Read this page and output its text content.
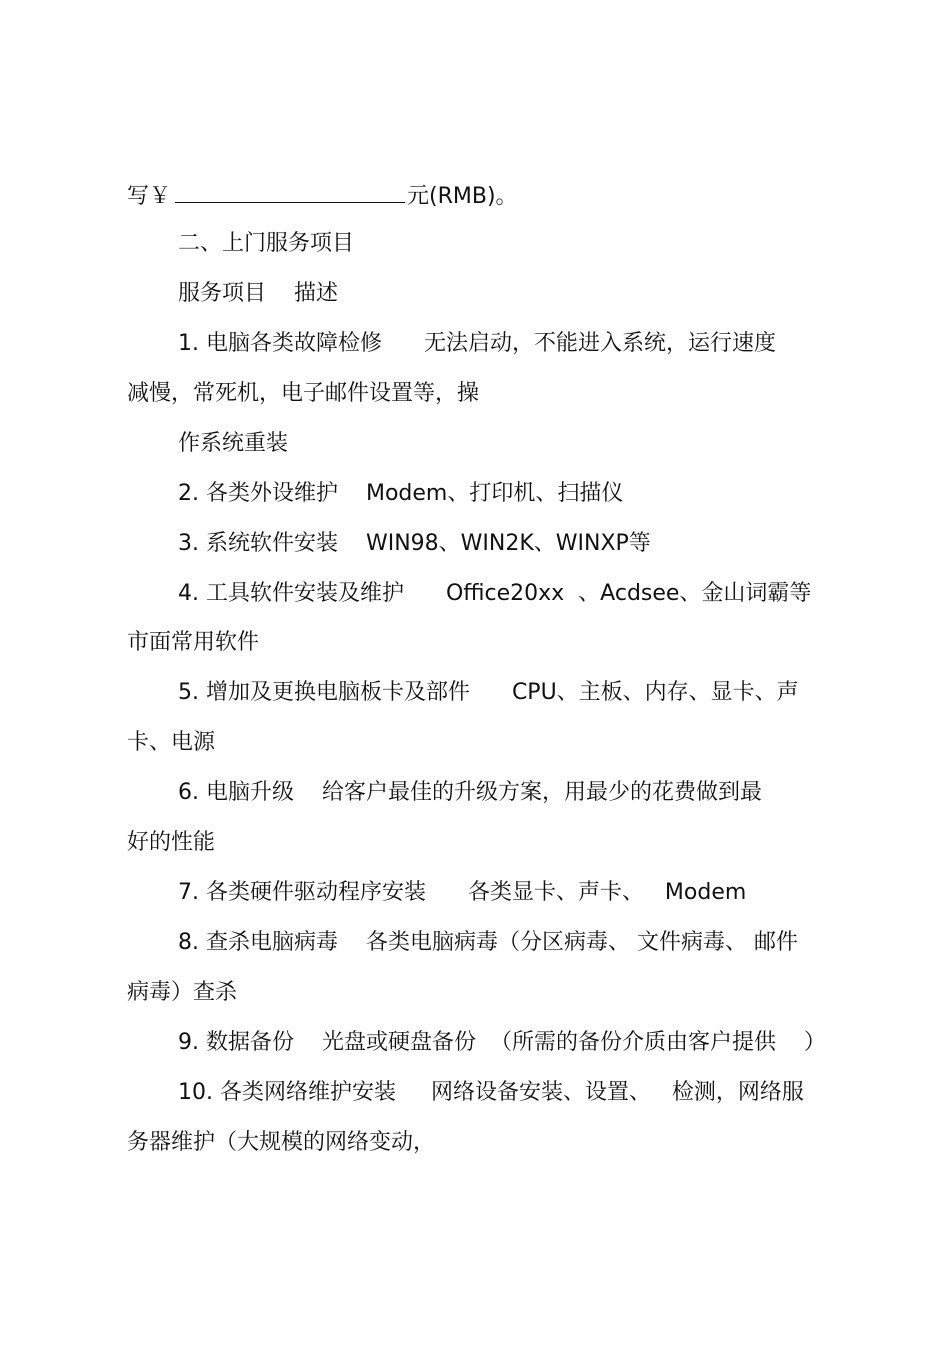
写￥	元(RMB)。
二、上门服务项目
服务项目    描述
1. 电脑各类故障检修      无法启动，不能进入系统，运行速度
减慢，常死机，电子邮件设置等，操
作系统重装
2. 各类外设维护    Modem、打印机、扫描仪
3. 系统软件安装    WIN98、WIN2K、WINXP等
4. 工具软件安装及维护      Office20xx  、Acdsee、金山词霸等
市面常用软件
5. 增加及更换电脑板卡及部件      CPU、主板、内存、显卡、声
卡、电源
6. 电脑升级    给客户最佳的升级方案，用最少的花费做到最
好的性能
7. 各类硬件驱动程序安装      各类显卡、声卡、   Modem
8. 查杀电脑病毒    各类电脑病毒（分区病毒、 文件病毒、 邮件
病毒）查杀
9. 数据备份    光盘或硬盘备份  （所需的备份介质由客户提供    ）
10. 各类网络维护安装     网络设备安装、设置、   检测，网络服
务器维护（大规模的网络变动，
